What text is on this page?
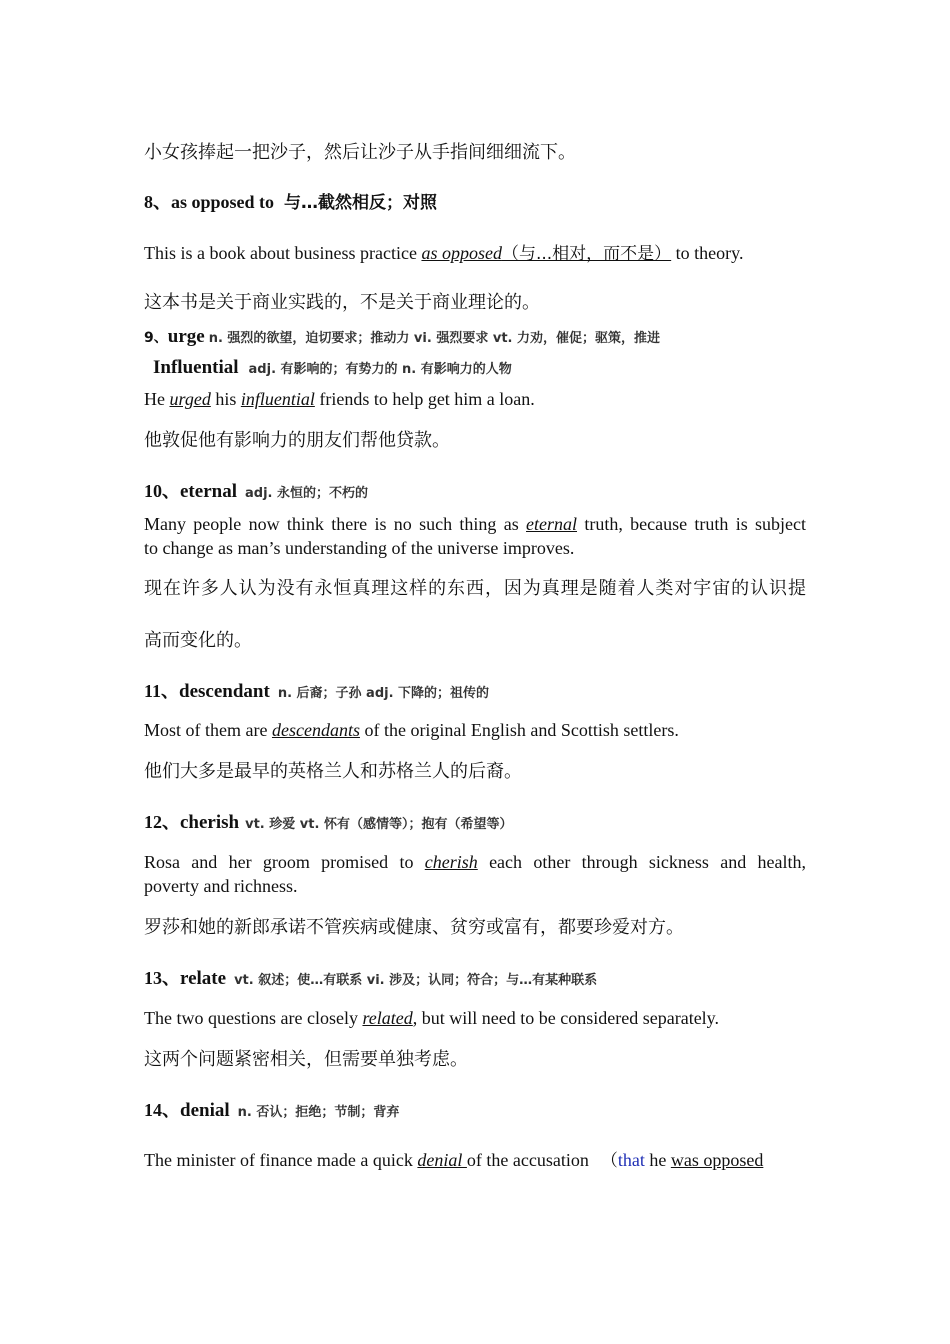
小女孩捧起一把沙子，然后让沙子从手指间细细流下。
8、as opposed to 与…截然相反；对照
This is a book about business practice as opposed（与...相对，而不是） to theory.
这本书是关于商业实践的，不是关于商业理论的。
9、urge n. 强烈的欲望，迫切要求；推动力 vi. 强烈要求 vt. 力劝，催促；驱策，推进
Influential adj. 有影响的；有势力的 n. 有影响力的人物
He urged his influential friends to help get him a loan.
他敦促他有影响力的朋友们帮他贷款。
10、eternal adj. 永恒的；不朽的
Many people now think there is no such thing as eternal truth, because truth is subject
to change as man’s understanding of the universe improves.
现在许多人认为没有永恒真理这样的东西，因为真理是随着人类对宇宙的认识提
高而变化的。
11、descendant n. 后裔；子孙 adj. 下降的；祖传的
Most of them are descendants of the original English and Scottish settlers.
他们大多是最早的英格兰人和苏格兰人的后裔。
12、cherish vt. 珍爱 vt. 怀有（感情等）；抱有（希望等）
Rosa and her groom promised to cherish each other through sickness and health,
poverty and richness.
罗莎和她的新郎承诺不管疾病或健康、贫穷或富有，都要珍爱对方。
13、relate vt. 叙述；使…有联系 vi. 涉及；认同；符合；与…有某种联系
The two questions are closely related, but will need to be considered separately.
这两个问题紧密相关，但需要单独考虑。
14、denial n. 否认；拒绝；节制；背弃
The minister of finance made a quick denial of the accusation （that he was opposed
